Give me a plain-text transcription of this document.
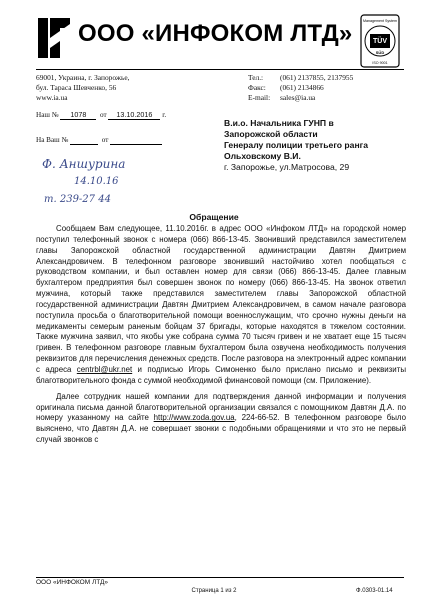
ООО «ИНФОКОМ ЛТД»	TÜV
Management System
SÜD
ISO 9001
69001, Украина, г. Запорожье,
бул. Тараса Шевченко, 56
www.ia.ua
Тел.:	(061) 2137855, 2137955
Факс:	(061) 2134866
E-mail:	sales@ia.ua
Наш № 1078 от 13.10.2016 г.
На Ваш №	от
В.и.о. Начальника ГУНП в
Запорожской области
Генералу полиции третьего ранга
Ольховскому В.И.
г. Запорожье, ул.Матросова, 29
Ф. Аншурина
14.10.16
т. 239-27 44
Обращение

Сообщаем Вам следующее, 11.10.2016г. в адрес ООО «Инфоком ЛТД» на городской номер поступил телефонный звонок с номера (066) 866-13-45. Звонивший представился заместителем главы Запорожской областной государственной администрации Давтян Дмитрием Александровичем. В телефонном разговоре звонивший настойчиво хотел пообщаться с руководством компании, и был оставлен номер для связи (066) 866-13-45. Далее главным бухгалтером предприятия был совершен звонок по номеру (066) 866-13-45. На звонок ответил мужчина, который также представился заместителем главы Запорожской областной государственной администрации Давтян Дмитрием Александровичем, в самом начале разговора поступила просьба о благотворительной помощи военнослужащим, что срочно нужны деньги на медикаменты семерым раненым бойцам 37 бригады, которые находятся в тяжелом состоянии. Также мужчина заявил, что якобы уже собрана сумма 70 тысяч гривен и не хватает еще 15 тысяч гривен. В телефонном разговоре главным бухгалтером была озвучена необходимость получения реквизитов для перечисления денежных средств. После разговора на электронный адрес компании с адреса centrbl@ukr.net и подписью Игорь Симоненко было прислано письмо и реквизиты благотворительного фонда с суммой необходимой финансовой помощи (см. Приложение).

Далее сотрудник нашей компании для подтверждения данной информации и получения оригинала письма данной благотворительной организации связался с помощником Давтян Д.А. по номеру указанному на сайте http://www.zoda.gov.ua, 224-66-52. В телефонном разговоре было выяснено, что Давтян Д.А. не совершает звонки с подобными обращениями и что это не первый случай звонков с

ООО «ИНФОКОМ ЛТД»
Страница 1 из 2	Ф.0303-01.14
